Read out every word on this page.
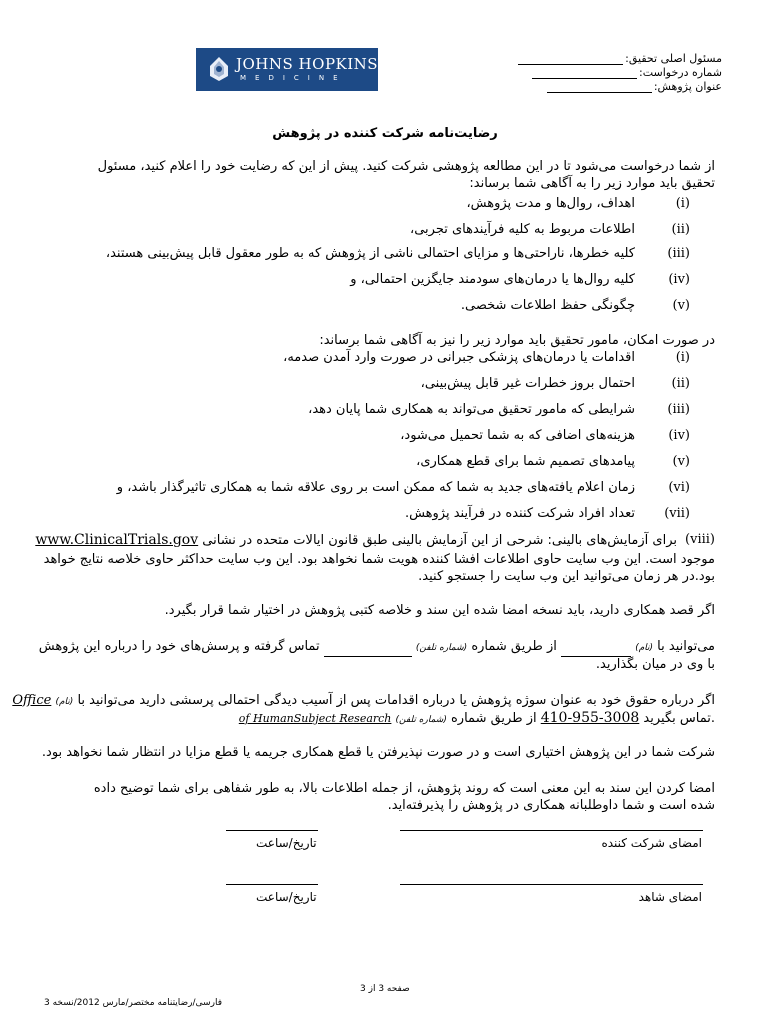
JOHNS HOPKINS
MEDICINE
مسئول اصلی تحقیق:
شماره درخواست:
عنوان پژوهش:
رضایت‌نامه شرکت کننده در پژوهش
از شما درخواست می‌شود تا در این مطالعه پژوهشی شرکت کنید. پیش از این که رضایت خود را اعلام کنید، مسئول تحقیق باید موارد زیر را به آگاهی شما برساند:
(i)
اهداف، روال‌ها و مدت پژوهش،
(ii)
اطلاعات مربوط به کلیه فرآیندهای تجربی،
(iii)
کلیه خطرها، ناراحتی‌ها و مزایای احتمالی ناشی از پژوهش که به طور معقول قابل پیش‌بینی هستند،
(iv)
کلیه روال‌ها یا درمان‌های سودمند جایگزین احتمالی، و
(v)
چگونگی حفظ اطلاعات شخصی.
در صورت امکان، مامور تحقیق باید موارد زیر را نیز به آگاهی شما برساند:
(i)
اقدامات یا درمان‌های پزشکی جبرانی در صورت وارد آمدن صدمه،
(ii)
احتمال بروز خطرات غیر قابل پیش‌بینی،
(iii)
شرایطی که مامور تحقیق می‌تواند به همکاری شما پایان دهد،
(iv)
هزینه‌های اضافی که به شما تحمیل می‌شود،
(v)
پیامدهای تصمیم شما برای قطع همکاری،
(vi)
زمان اعلام یافته‌های جدید به شما که ممکن است بر روی علاقه شما به همکاری تاثیرگذار باشد، و
(vii)
تعداد افراد شرکت کننده در فرآیند پژوهش.
(viii)
برای آزمایش‌های بالینی: شرحی از این آزمایش بالینی طبق قانون ایالات متحده در نشانی www.ClinicalTrials.gov
موجود است. این وب سایت حاوی اطلاعات افشا کننده هویت شما نخواهد بود. این وب سایت حداکثر حاوی خلاصه نتایج خواهد
بود.در هر زمان می‌توانید این وب سایت را جستجو کنید.
اگر قصد همکاری دارید، باید نسخه امضا شده این سند و خلاصه کتبی پژوهش در اختیار شما قرار بگیرد.
می‌توانید با (نام)  از طریق شماره (شماره تلفن)  تماس گرفته و پرسش‌های خود را درباره این پژوهش
با وی در میان بگذارید.
اگر درباره حقوق خود به عنوان سوژه پژوهش یا درباره اقدامات پس از آسیب دیدگی احتمالی پرسشی دارید می‌توانید با (نام) Office
of HumanSubject Research	از طریق شماره (شماره تلفن)	410-955-3008 تماس بگیرید.
شرکت شما در این پژوهش اختیاری است و در صورت نپذیرفتن یا قطع همکاری جریمه یا قطع مزایا در انتظار شما نخواهد بود.
امضا کردن این سند به این معنی است که روند پژوهش، از جمله اطلاعات بالا، به طور شفاهی برای شما توضیح داده شده است و شما داوطلبانه همکاری در پژوهش را پذیرفته‌اید.
امضای شرکت کننده
تاریخ/ساعت
امضای شاهد
تاریخ/ساعت
صفحه 3 از 3
فارسی/رضایتنامه مختصر/مارس 2012/نسخه 3
